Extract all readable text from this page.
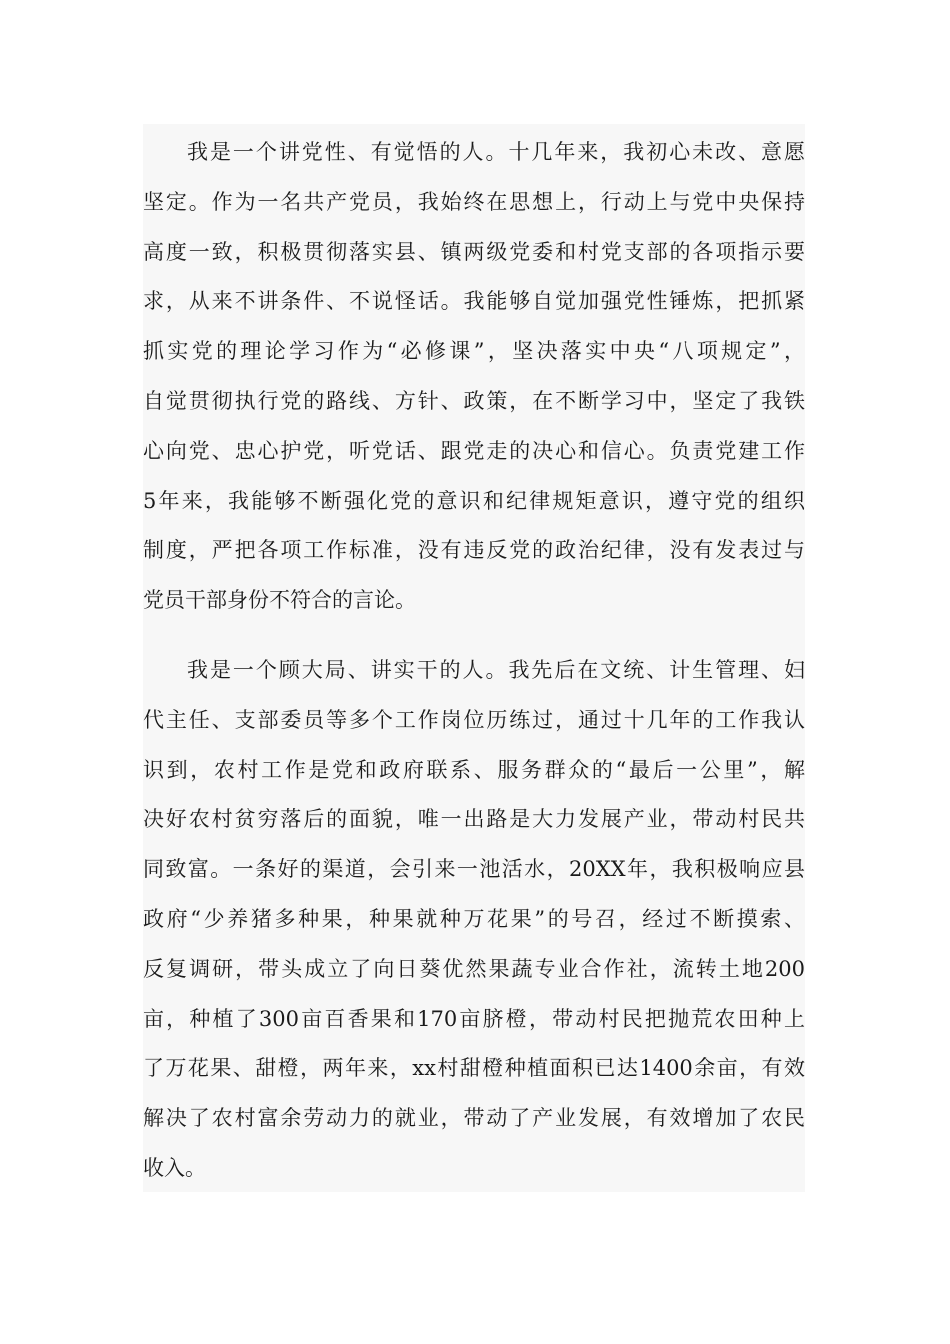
我是一个讲党性、有觉悟的人。十几年来，我初心未改、意愿
坚定。作为一名共产党员，我始终在思想上，行动上与党中央保持
高度一致，积极贯彻落实县、镇两级党委和村党支部的各项指示要
求，从来不讲条件、不说怪话。我能够自觉加强党性锤炼，把抓紧
抓实党的理论学习作为“必修课”，坚决落实中央“八项规定”，
自觉贯彻执行党的路线、方针、政策，在不断学习中，坚定了我铁
心向党、忠心护党，听党话、跟党走的决心和信心。负责党建工作
5年来，我能够不断强化党的意识和纪律规矩意识，遵守党的组织
制度，严把各项工作标准，没有违反党的政治纪律，没有发表过与
党员干部身份不符合的言论。
我是一个顾大局、讲实干的人。我先后在文统、计生管理、妇
代主任、支部委员等多个工作岗位历练过，通过十几年的工作我认
识到，农村工作是党和政府联系、服务群众的“最后一公里”，解
决好农村贫穷落后的面貌，唯一出路是大力发展产业，带动村民共
同致富。一条好的渠道，会引来一池活水，20XX年，我积极响应县
政府“少养猪多种果，种果就种万花果”的号召，经过不断摸索、
反复调研，带头成立了向日葵优然果蔬专业合作社，流转土地200
亩，种植了300亩百香果和170亩脐橙，带动村民把抛荒农田种上
了万花果、甜橙，两年来，xx村甜橙种植面积已达1400余亩，有效
解决了农村富余劳动力的就业，带动了产业发展，有效增加了农民
收入。
